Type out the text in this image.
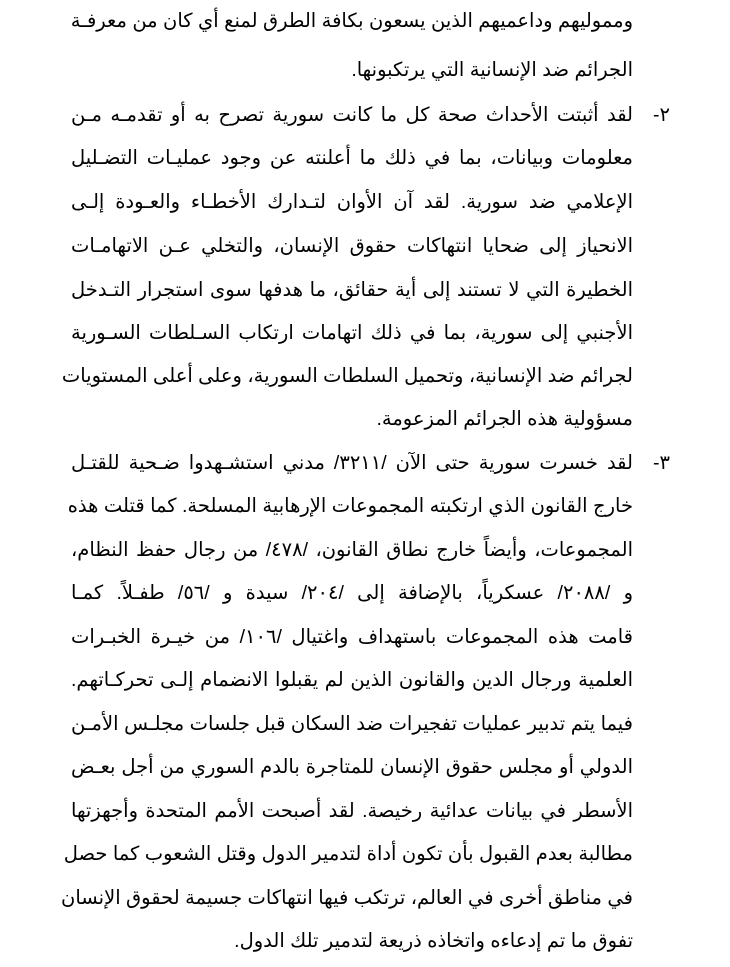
ومموليهم وداعميهم الذين يسعون بكافة الطرق لمنع أي كان من معرفـة
الجرائم ضد الإنسانية التي يرتكبونها.
٢-
لقد أثبتت الأحداث صحة كل ما كانت سورية تصرح به أو تقدمـه مـن
معلومات وبيانات، بما في ذلك ما أعلنته عن وجود عمليـات التضـليل
الإعلامي ضد سورية. لقد آن الأوان لتـدارك الأخطـاء والعـودة إلـى
الانحياز إلى ضحايا انتهاكات حقوق الإنسان، والتخلي عـن الاتهامـات
الخطيرة التي لا تستند إلى أية حقائق، ما هدفها سوى استجرار التـدخل
الأجنبي إلى سورية، بما في ذلك اتهامات ارتكاب السـلطات السـورية
لجرائم ضد الإنسانية، وتحميل السلطات السورية، وعلى أعلى المستويات
مسؤولية هذه الجرائم المزعومة.
٣-
لقد خسرت سورية حتى الآن /٣٢١١/ مدني استشـهدوا ضـحية للقتـل
خارج القانون الذي ارتكبته المجموعات الإرهابية المسلحة. كما قتلت هذه
المجموعات، وأيضاً خارج نطاق القانون، /٤٧٨/ من رجال حفظ النظام،
و /٢٠٨٨/ عسكرياً، بالإضافة إلى /٢٠٤/ سيدة و /٥٦/ طفـلاً. كمـا
قامت هذه المجموعات باستهداف واغتيال /١٠٦/ من خيـرة الخبـرات
العلمية ورجال الدين والقانون الذين لم يقبلوا الانضمام إلـى تحركـاتهم.
فيما يتم تدبير عمليات تفجيرات ضد السكان قبل جلسات مجلـس الأمـن
الدولي أو مجلس حقوق الإنسان للمتاجرة بالدم السوري من أجل بعـض
الأسطر في بيانات عدائية رخيصة. لقد أصبحت الأمم المتحدة وأجهزتها
مطالبة بعدم القبول بأن تكون أداة لتدمير الدول وقتل الشعوب كما حصل
في مناطق أخرى في العالم، ترتكب فيها انتهاكات جسيمة لحقوق الإنسان
تفوق ما تم إدعاءه واتخاذه ذريعة لتدمير تلك الدول.
